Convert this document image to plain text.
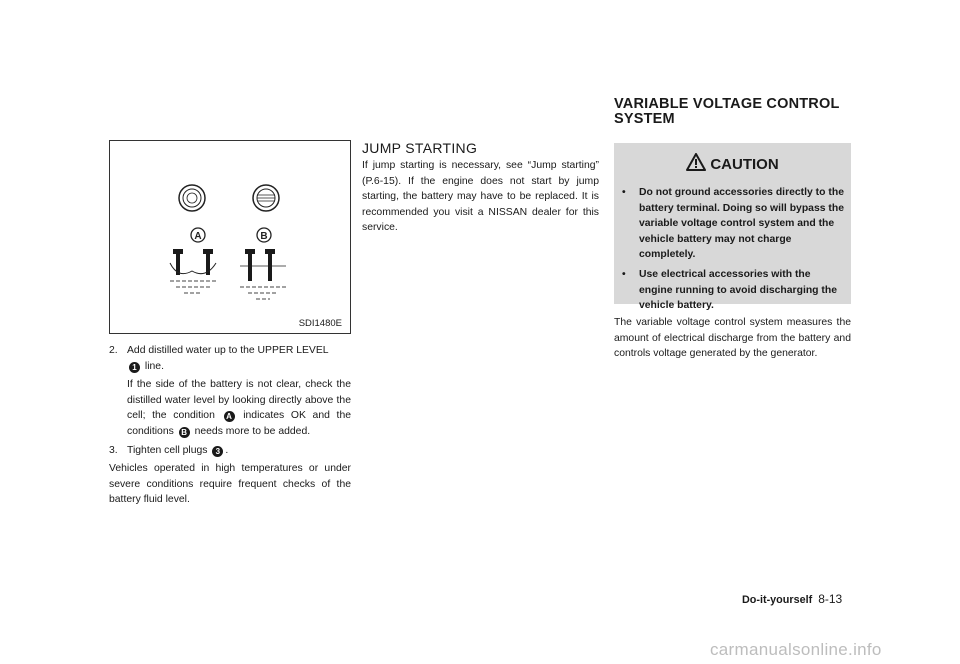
A	B
SDI1480E
2. Add distilled water up to the UPPER LEVEL
1 line.

If the side of the battery is not clear, check the distilled water level by looking directly above the cell; the condition A indicates OK and the conditions B needs more to be added.

3. Tighten cell plugs 3 .

Vehicles operated in high temperatures or under severe conditions require frequent checks of the battery fluid level.

JUMP STARTING

If jump starting is necessary, see “Jump starting” (P.6-15). If the engine does not start by jump starting, the battery may have to be replaced. It is recommended you visit a NISSAN dealer for this service.

VARIABLE VOLTAGE CONTROL SYSTEM
CAUTION
•	Do not ground accessories directly to the battery terminal. Doing so will bypass the variable voltage control system and the vehicle battery may not charge completely.
•	Use electrical accessories with the engine running to avoid discharging the vehicle battery.

The variable voltage control system measures the amount of electrical discharge from the battery and controls voltage generated by the generator.

Do-it-yourself 8-13
carmanualsonline.info
